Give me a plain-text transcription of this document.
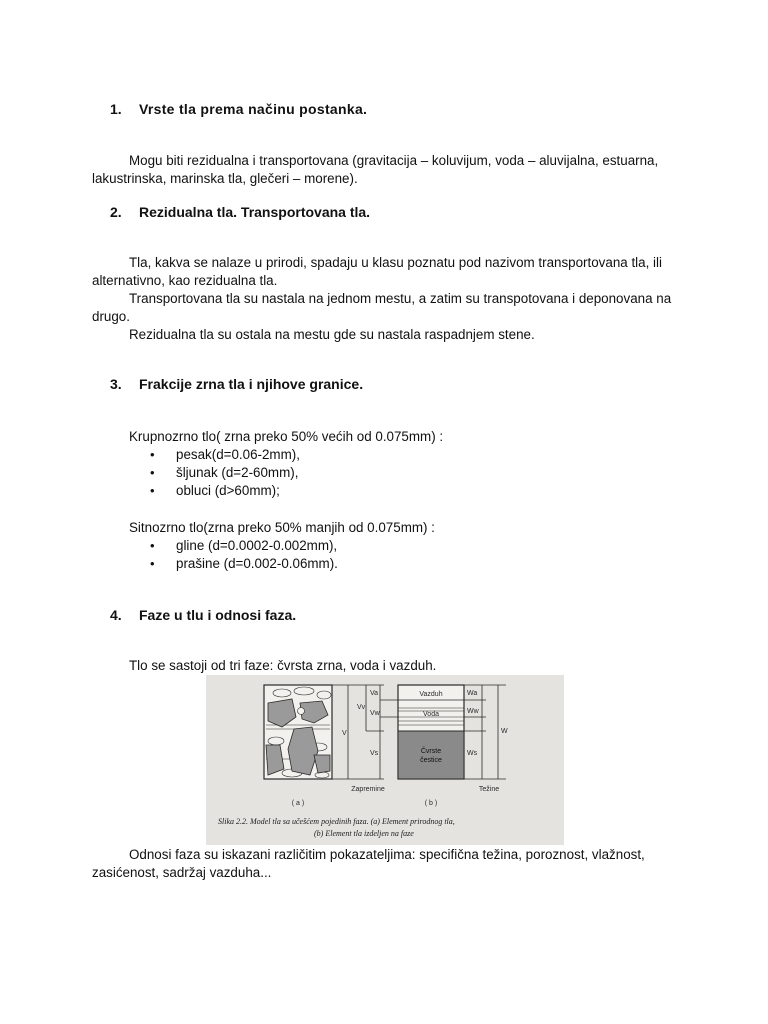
1. Vrste tla prema načinu postanka.
Mogu biti rezidualna i transportovana (gravitacija – koluvijum, voda – aluvijalna, estuarna, lakustrinska, marinska tla, glečeri – morene).
2. Rezidualna tla. Transportovana tla.
Tla, kakva se nalaze u prirodi, spadaju u klasu poznatu pod nazivom transportovana tla, ili alternativno, kao rezidualna tla.
Transportovana tla su nastala na jednom mestu, a zatim su transpotovana i deponovana na drugo.
Rezidualna tla su ostala na mestu gde su nastala raspadnjem stene.
3. Frakcije zrna tla i njihove granice.
Krupnozrno tlo( zrna preko 50% većih od 0.075mm) :
• pesak(d=0.06-2mm),
• šljunak (d=2-60mm),
• obluci (d>60mm);
Sitnozrno tlo(zrna preko 50% manjih od 0.075mm) :
• gline (d=0.0002-0.002mm),
• prašine (d=0.002-0.06mm).
4. Faze u tlu i odnosi faza.
Tlo se sastoji od tri faze: čvrsta zrna, voda i vazduh.
V
Vv
Va
Vw
Vs
Vazduh
Voda
Čvrste
čestice
Wa
Ww
Ws
W
Zapremine	Težine
( a )	( b )
Slika 2.2. Model tla sa učešćem pojedinih faza. (a) Element prirodnog tla,
(b) Element tla izdeljen na faze
Odnosi faza su iskazani različitim pokazateljima: specifična težina, poroznost, vlažnost, zasićenost, sadržaj vazduha...
